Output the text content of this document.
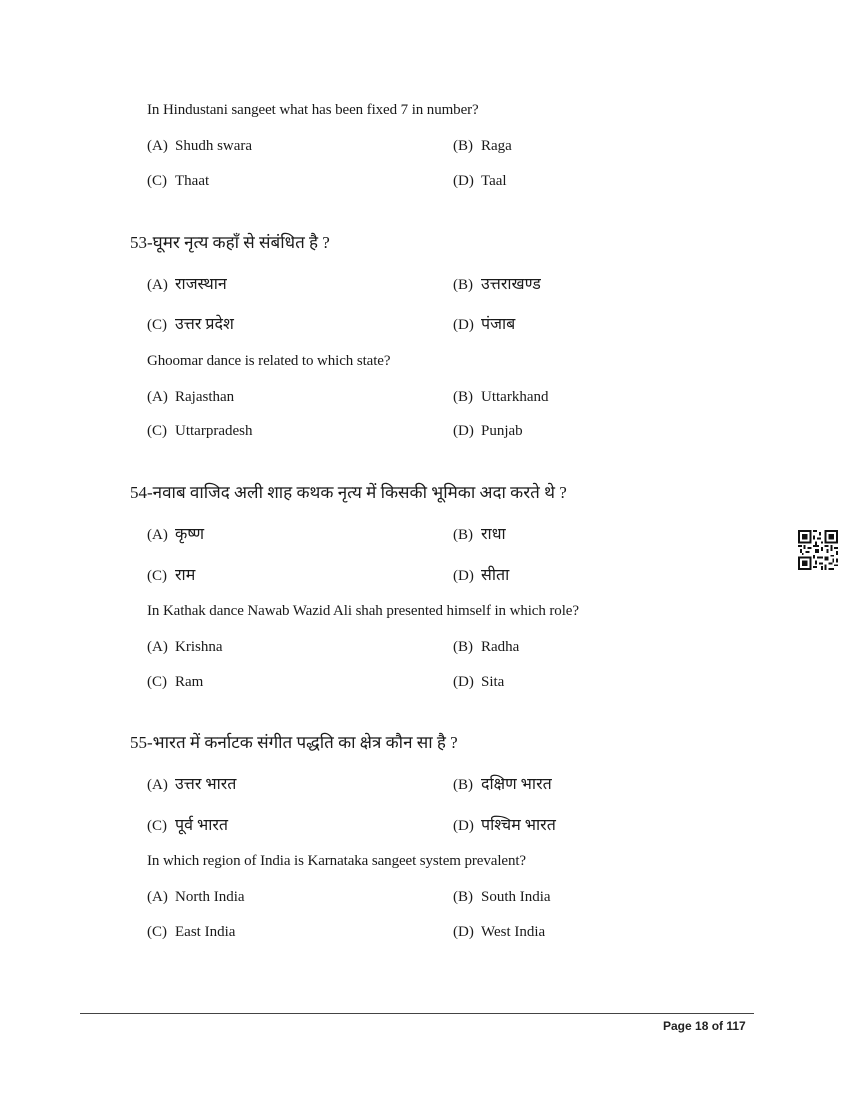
In Hindustani sangeet what has been fixed 7 in number?
(A) Shudh swara	(B) Raga
(C) Thaat	(D) Taal
53-घूमर नृत्य कहाँ से संबंधित है ?
(A) राजस्थान	(B) उत्तराखण्ड
(C) उत्तर प्रदेश	(D) पंजाब
Ghoomar dance is related to which state?
(A) Rajasthan	(B) Uttarkhand
(C) Uttarpradesh	(D) Punjab
54-नवाब वाजिद अली शाह कथक नृत्य में किसकी भूमिका अदा करते थे ?
(A) कृष्ण	(B) राधा
(C) राम	(D) सीता
In Kathak dance Nawab Wazid Ali shah presented himself in which role?
(A) Krishna	(B) Radha
(C) Ram	(D) Sita
55-भारत में कर्नाटक संगीत पद्धति का क्षेत्र कौन सा है ?
(A) उत्तर भारत	(B) दक्षिण भारत
(C) पूर्व भारत	(D) पश्चिम भारत
In which region of India is Karnataka sangeet system prevalent?
(A) North India	(B) South India
(C) East India	(D) West India
Page 18 of 117
